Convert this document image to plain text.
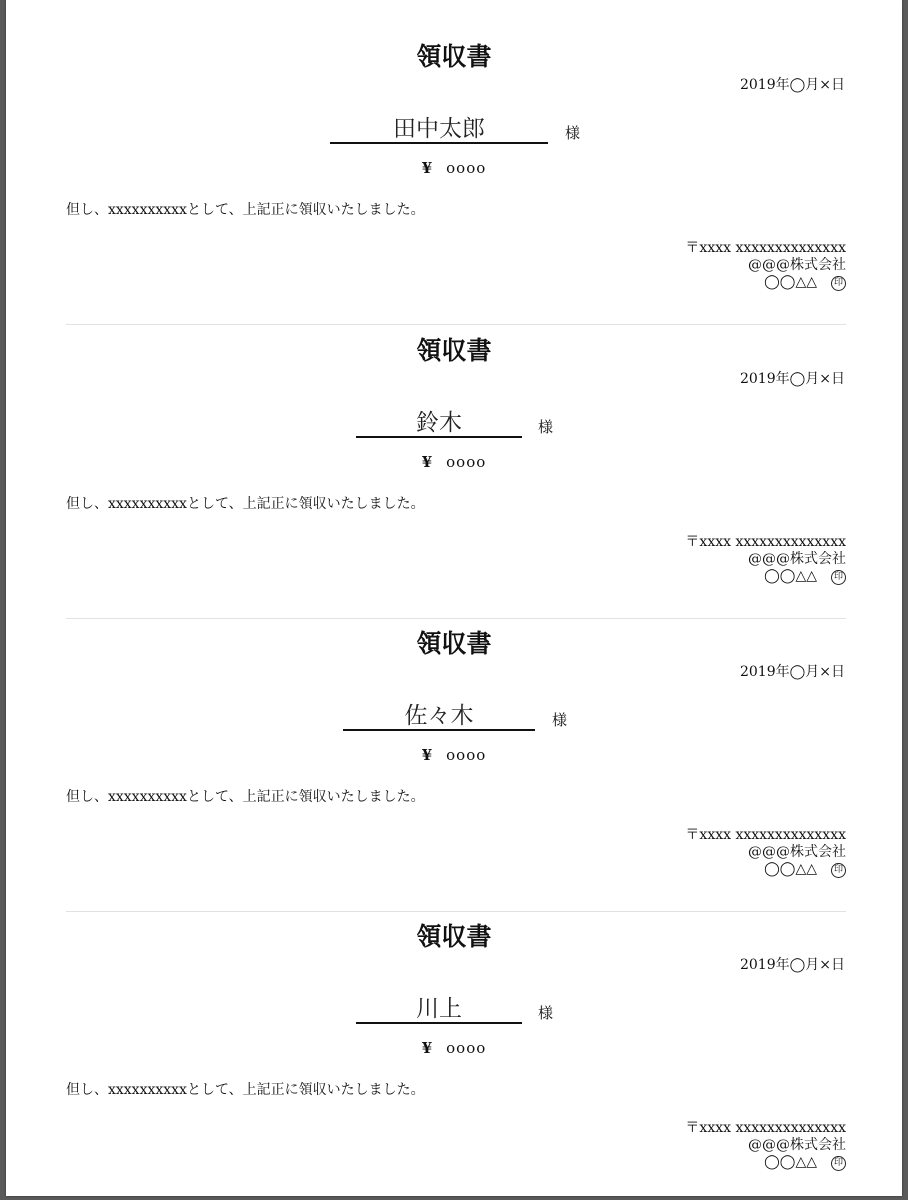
領収書
2019年◯月×日
田中太郎	様
¥ oooo
但し、xxxxxxxxxxとして、上記正に領収いたしました。
〒xxxx xxxxxxxxxxxxxx
@@@株式会社
◯◯△△ 印
領収書
2019年◯月×日
鈴木	様
¥ oooo
但し、xxxxxxxxxxとして、上記正に領収いたしました。
〒xxxx xxxxxxxxxxxxxx
@@@株式会社
◯◯△△ 印
領収書
2019年◯月×日
佐々木	様
¥ oooo
但し、xxxxxxxxxxとして、上記正に領収いたしました。
〒xxxx xxxxxxxxxxxxxx
@@@株式会社
◯◯△△ 印
領収書
2019年◯月×日
川上	様
¥ oooo
但し、xxxxxxxxxxとして、上記正に領収いたしました。
〒xxxx xxxxxxxxxxxxxx
@@@株式会社
◯◯△△ 印
